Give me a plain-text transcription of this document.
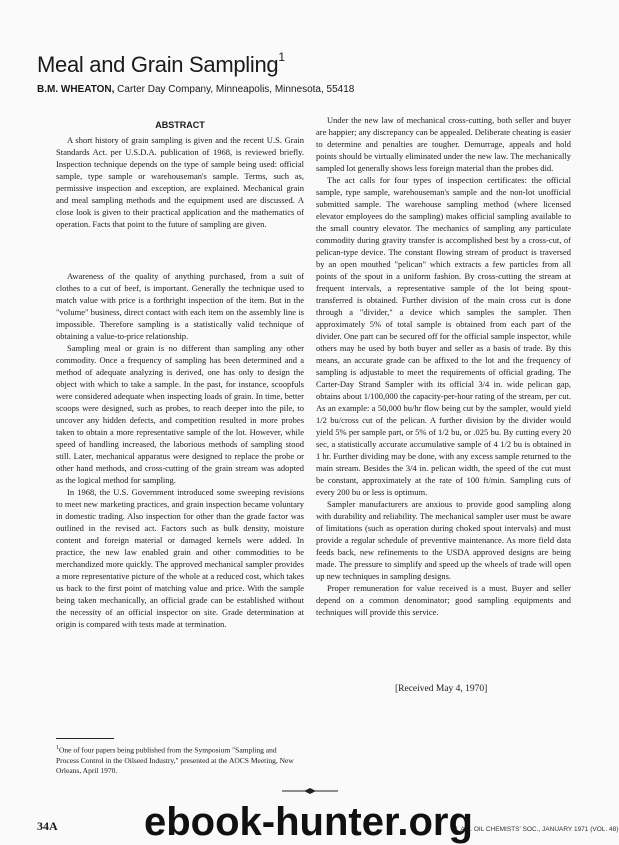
Meal and Grain Sampling$^1$
B.M. WHEATON, Carter Day Company, Minneapolis, Minnesota, 55418
ABSTRACT

A short history of grain sampling is given and the recent U.S. Grain Standards Act. per U.S.D.A. publication of 1968, is reviewed briefly. Inspection technique depends on the type of sample being used: official sample, type sample or warehouseman's sample. Terms, such as, permissive inspection and exception, are explained. Mechanical grain and meal sampling methods and the equipment used are discussed. A close look is given to their practical application and the mathematics of operation. Facts that point to the future of sampling are given.

Awareness of the quality of anything purchased, from a suit of clothes to a cut of beef, is important. Generally the technique used to match value with price is a forthright inspection of the item. But in the "volume" business, direct contact with each item on the assembly line is impossible. Therefore sampling is a statistically valid technique of obtaining a value-to-price relationship.

Sampling meal or grain is no different than sampling any other commodity. Once a frequency of sampling has been determined and a method of adequate analyzing is derived, one has only to design the object with which to take a sample. In the past, for instance, scoopfuls were considered adequate when inspecting loads of grain. In time, better scoops were designed, such as probes, to reach deeper into the pile, to uncover any hidden defects, and competition resulted in more probes taken to obtain a more representative sample of the lot. However, while speed of handling increased, the laborious methods of sampling stood still. Later, mechanical apparatus were designed to replace the probe or other hand methods, and cross-cutting of the grain stream was adopted as the logical method for sampling.

In 1968, the U.S. Government introduced some sweeping revisions to meet new marketing practices, and grain inspection became voluntary in domestic trading. Also inspection for other than the grade factor was outlined in the revised act. Factors such as bulk density, moisture content and foreign material or damaged kernels were added. In practice, the new law enabled grain and other commodities to be merchandized more quickly. The approved mechanical sampler provides a more representative picture of the whole at a reduced cost, which takes us back to the first point of matching value and price. With the sample being taken mechanically, an official grade can be established without the necessity of an official inspector on site. Grade determination at origin is compared with tests made at termination.

Under the new law of mechanical cross-cutting, both seller and buyer are happier; any discrepancy can be appealed. Deliberate cheating is easier to determine and penalties are tougher. Demurrage, appeals and hold points should be virtually eliminated under the new law. The mechanically sampled lot generally shows less foreign material than the probes did.

The act calls for four types of inspection certificates: the official sample, type sample, warehouseman's sample and the non-lot unofficial submitted sample. The warehouse sampling method (where licensed elevator employees do the sampling) makes official sampling available to the small country elevator. The mechanics of sampling any particulate commodity during gravity transfer is accomplished best by a cross-cut, of pelican-type device. The constant flowing stream of product is traversed by an open mouthed "pelican" which extracts a few particles from all points of the spout in a uniform fashion. By cross-cutting the stream at frequent intervals, a representative sample of the lot being spout-transferred is obtained. Further division of the main cross cut is done through a "divider," a device which samples the sampler. Then approximately 5% of total sample is obtained from each part of the divider. One part can be secured off for the official sample inspector, while others may be used by both buyer and seller as a basis of trade. By this means, an accurate grade can be affixed to the lot and the frequency of sampling is adjustable to meet the requirements of official grading. The Carter-Day Strand Sampler with its official 3/4 in. wide pelican gap, obtains about 1/100,000 the capacity-per-hour rating of the stream, per cut. As an example: a 50,000 bu/hr flow being cut by the sampler, would yield 1/2 bu/cross cut of the pelican. A further division by the divider would yield 5% per sample part, or 5% of 1/2 bu, or .025 bu. By cutting every 20 sec, a statistically accurate accumulative sample of 4 1/2 bu is obtained in 1 hr. Further dividing may be done, with any excess sample returned to the main stream. Besides the 3/4 in. pelican width, the speed of the cut must be constant, approximately at the rate of 100 ft/min. Sampling cuts of every 200 bu or less is optimum.

Sampler manufacturers are anxious to provide good sampling along with durability and reliability. The mechanical sampler user must be aware of limitations (such as operation during choked spout intervals) and must provide a regular schedule of preventive maintenance. As more field data feeds back, new refinements to the USDA approved designs are being made. The pressure to simplify and speed up the wheels of trade will open up new techniques in sampling designs.

Proper remuneration for value received is a must. Buyer and seller depend on a common denominator; good sampling equipments and techniques will provide this service.

[Received May 4, 1970]
$^1$One of four papers being published from the Symposium "Sampling and Process Control in the Oilseed Industry," presented at the AOCS Meeting, New Orleans, April 1970.
34A	J. AM. OIL CHEMISTS' SOC., JANUARY 1971 (VOL. 48)
ebook-hunter.org
